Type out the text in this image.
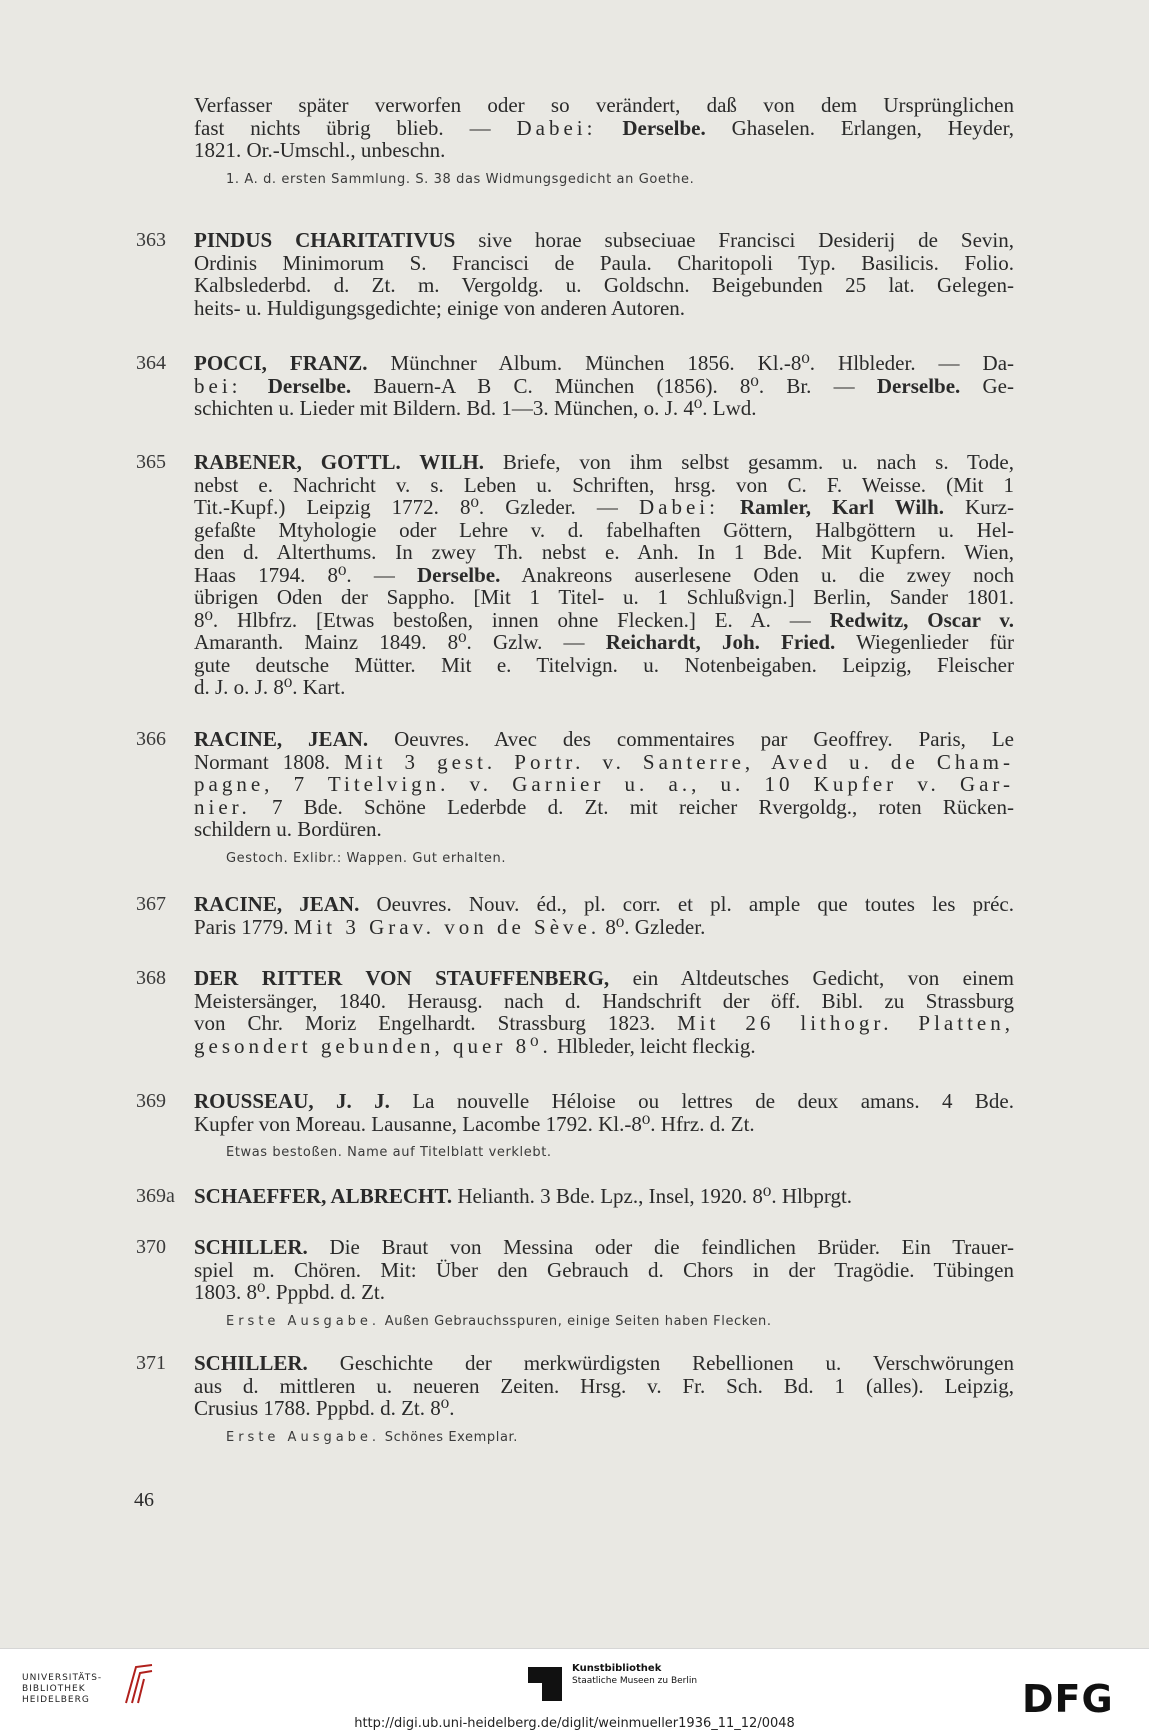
Verfasser später verworfen oder so verändert, daß von dem Ursprünglichen
fast nichts übrig blieb. — Dabei: Derselbe. Ghaselen. Erlangen, Heyder,
1821. Or.-Umschl., unbeschn.
1. A. d. ersten Sammlung. S. 38 das Widmungsgedicht an Goethe.
363 PINDUS CHARITATIVUS sive horae subseciuae Francisci Desiderij de Sevin,
Ordinis Minimorum S. Francisci de Paula. Charitopoli Typ. Basilicis. Folio.
Kalbslederbd. d. Zt. m. Vergoldg. u. Goldschn. Beigebunden 25 lat. Gelegen-
heits- u. Huldigungsgedichte; einige von anderen Autoren.
364 POCCI, FRANZ. Münchner Album. München 1856. Kl.-8⁰. Hlbleder. — Da-
bei: Derselbe. Bauern-A B C. München (1856). 8⁰. Br. — Derselbe. Ge-
schichten u. Lieder mit Bildern. Bd. 1—3. München, o. J. 4⁰. Lwd.
365 RABENER, GOTTL. WILH. Briefe, von ihm selbst gesamm. u. nach s. Tode,
nebst e. Nachricht v. s. Leben u. Schriften, hrsg. von C. F. Weisse. (Mit 1
Tit.-Kupf.) Leipzig 1772. 8⁰. Gzleder. — Dabei: Ramler, Karl Wilh. Kurz-
gefaßte Mtyhologie oder Lehre v. d. fabelhaften Göttern, Halbgöttern u. Hel-
den d. Alterthums. In zwey Th. nebst e. Anh. In 1 Bde. Mit Kupfern. Wien,
Haas 1794. 8⁰. — Derselbe. Anakreons auserlesene Oden u. die zwey noch
übrigen Oden der Sappho. [Mit 1 Titel- u. 1 Schlußvign.] Berlin, Sander 1801.
8⁰. Hlbfrz. [Etwas bestoßen, innen ohne Flecken.] E. A. — Redwitz, Oscar v.
Amaranth. Mainz 1849. 8⁰. Gzlw. — Reichardt, Joh. Fried. Wiegenlieder für
gute deutsche Mütter. Mit e. Titelvign. u. Notenbeigaben. Leipzig, Fleischer
d. J. o. J. 8⁰. Kart.
366 RACINE, JEAN. Oeuvres. Avec des commentaires par Geoffrey. Paris, Le
Normant 1808. Mit 3 gest. Portr. v. Santerre, Aved u. de Cham-
pagne, 7 Titelvign. v. Garnier u. a., u. 10 Kupfer v. Gar-
nier. 7 Bde. Schöne Lederbde d. Zt. mit reicher Rvergoldg., roten Rücken-
schildern u. Bordüren.
Gestoch. Exlibr.: Wappen. Gut erhalten.
367 RACINE, JEAN. Oeuvres. Nouv. éd., pl. corr. et pl. ample que toutes les préc.
Paris 1779. Mit 3 Grav. von de Sève. 8⁰. Gzleder.
368 DER RITTER VON STAUFFENBERG, ein Altdeutsches Gedicht, von einem
Meistersänger, 1840. Herausg. nach d. Handschrift der öff. Bibl. zu Strassburg
von Chr. Moriz Engelhardt. Strassburg 1823. Mit 26 lithogr. Platten,
gesondert gebunden, quer 8⁰. Hlbleder, leicht fleckig.
369 ROUSSEAU, J. J. La nouvelle Héloise ou lettres de deux amans. 4 Bde.
Kupfer von Moreau. Lausanne, Lacombe 1792. Kl.-8⁰. Hfrz. d. Zt.
Etwas bestoßen. Name auf Titelblatt verklebt.
369a SCHAEFFER, ALBRECHT. Helianth. 3 Bde. Lpz., Insel, 1920. 8⁰. Hlbprgt.
370 SCHILLER. Die Braut von Messina oder die feindlichen Brüder. Ein Trauer-
spiel m. Chören. Mit: Über den Gebrauch d. Chors in der Tragödie. Tübingen
1803. 8⁰. Pppbd. d. Zt.
Erste Ausgabe. Außen Gebrauchsspuren, einige Seiten haben Flecken.
371 SCHILLER. Geschichte der merkwürdigsten Rebellionen u. Verschwörungen
aus d. mittleren u. neueren Zeiten. Hrsg. v. Fr. Sch. Bd. 1 (alles). Leipzig,
Crusius 1788. Pppbd. d. Zt. 8⁰.
Erste Ausgabe. Schönes Exemplar.
46
UNIVERSITÄTS-
BIBLIOTHEK
HEIDELBERG
Kunstbibliothek
Staatliche Museen zu Berlin	DFG
http://digi.ub.uni-heidelberg.de/diglit/weinmueller1936_11_12/0048
